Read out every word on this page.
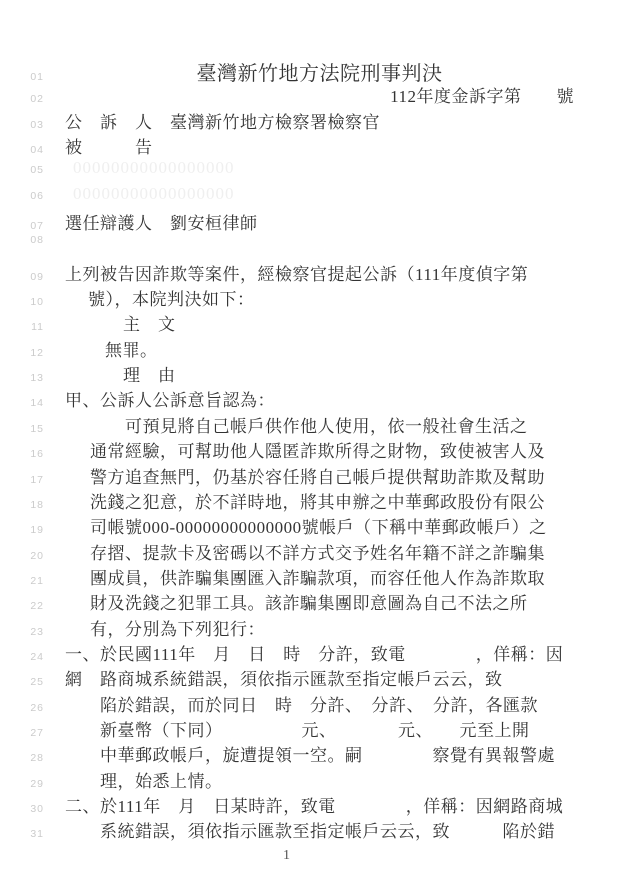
01	臺灣新竹地方法院刑事判決
02	112年度金訴字第　　號
03 公　訴　人　臺灣新竹地方檢察署檢察官
04 被　　　告
05	00000000000000000
06	00000000000000000
07 選任辯護人　劉安桓律師
08
09 上列被告因詐欺等案件，經檢察官提起公訴（111年度偵字第
10	號），本院判決如下：
11	主　文
12	無罪。
13	理　由
14 甲、公訴人公訴意旨認為：
15	　　可預見將自己帳戶供作他人使用，依一般社會生活之
16	通常經驗，可幫助他人隱匿詐欺所得之財物，致使被害人及
17	警方追查無門，仍基於容任將自己帳戶提供幫助詐欺及幫助
18	洗錢之犯意，於不詳時地，將其申辦之中華郵政股份有限公
19	司帳號000-00000000000000號帳戶（下稱中華郵政帳戶）之
20	存摺、提款卡及密碼以不詳方式交予姓名年籍不詳之詐騙集
21	團成員，供詐騙集團匯入詐騙款項，而容任他人作為詐欺取
22	財及洗錢之犯罪工具。該詐騙集團即意圖為自己不法之所
23	有，分別為下列犯行：
24 一、於民國111年　月　日　時　分許，致電　　　　，佯稱：因網
25	路商城系統錯誤，須依指示匯款至指定帳戶云云，致
26	陷於錯誤，而於同日　時　分許、　分許、　分許，各匯款
27	新臺幣（下同）　　　　　元、　　　　元、　　元至上開
28	中華郵政帳戶，旋遭提領一空。嗣　　　　察覺有異報警處
29	理，始悉上情。
30 二、於111年　月　日某時許，致電　　　　，佯稱：因網路商城
31	系統錯誤，須依指示匯款至指定帳戶云云，致　　　陷於錯
1
